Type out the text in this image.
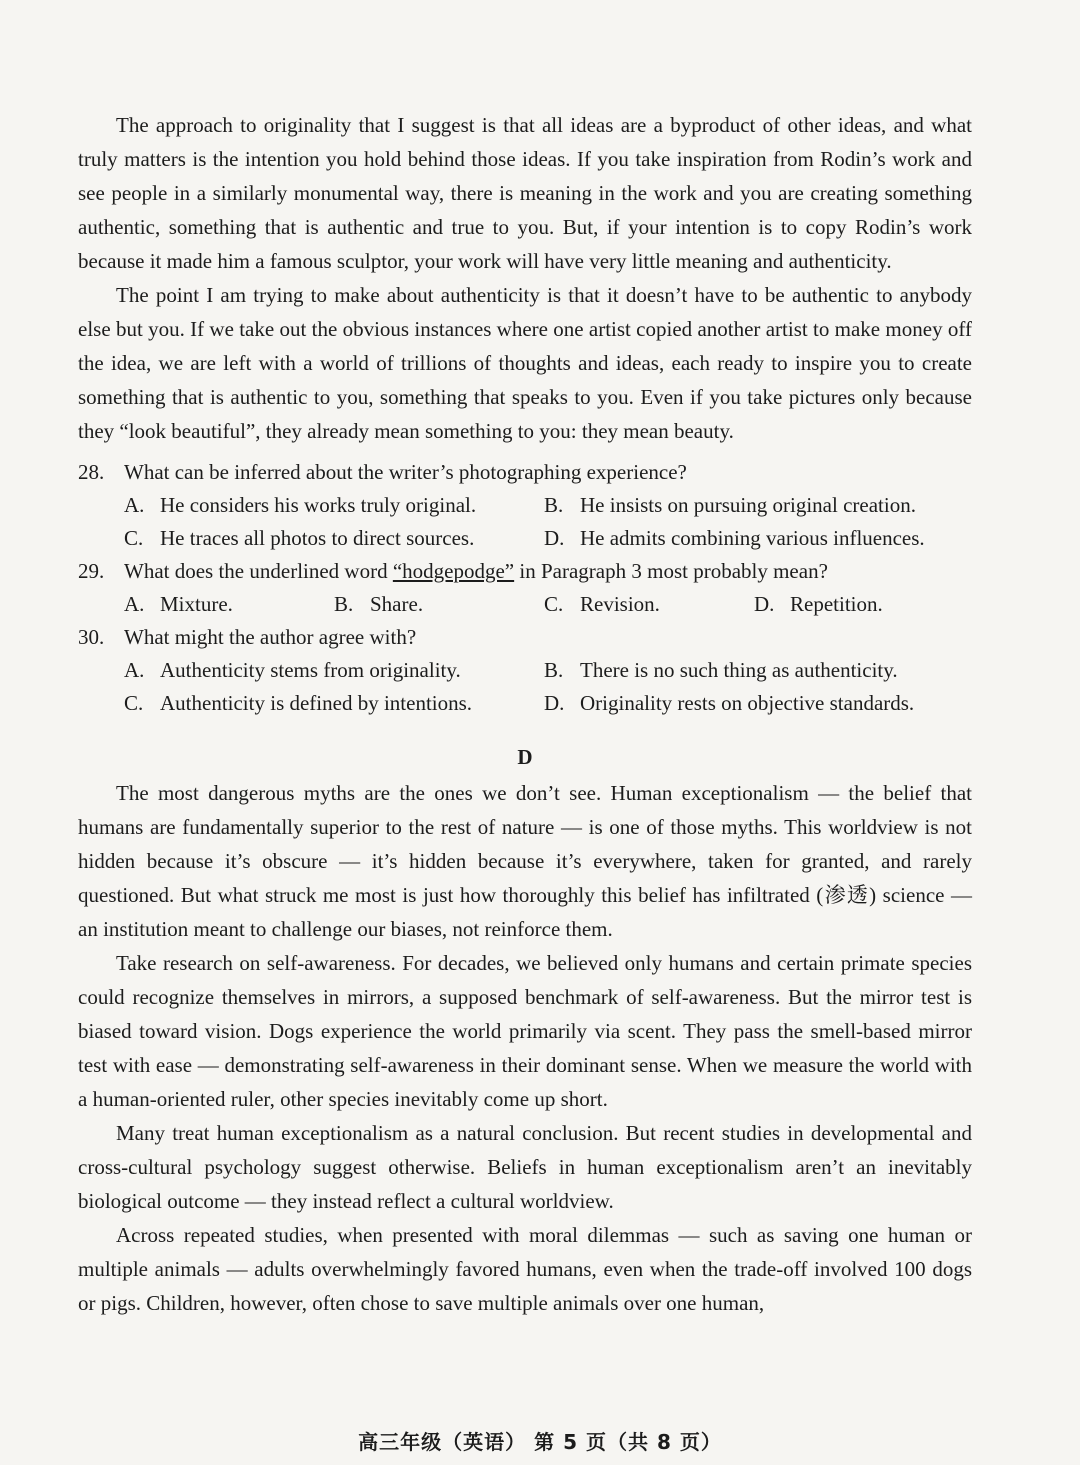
The approach to originality that I suggest is that all ideas are a byproduct of other ideas, and what truly matters is the intention you hold behind those ideas. If you take inspiration from Rodin’s work and see people in a similarly monumental way, there is meaning in the work and you are creating something authentic, something that is authentic and true to you. But, if your intention is to copy Rodin’s work because it made him a famous sculptor, your work will have very little meaning and authenticity.

The point I am trying to make about authenticity is that it doesn’t have to be authentic to anybody else but you. If we take out the obvious instances where one artist copied another artist to make money off the idea, we are left with a world of trillions of thoughts and ideas, each ready to inspire you to create something that is authentic to you, something that speaks to you. Even if you take pictures only because they “look beautiful”, they already mean something to you: they mean beauty.

28. What can be inferred about the writer’s photographing experience?
A. He considers his works truly original.	B. He insists on pursuing original creation.
C. He traces all photos to direct sources.	D. He admits combining various influences.
29. What does the underlined word “hodgepodge” in Paragraph 3 most probably mean?
A. Mixture.	B. Share.	C. Revision.	D. Repetition.
30. What might the author agree with?
A. Authenticity stems from originality.	B. There is no such thing as authenticity.
C. Authenticity is defined by intentions.	D. Originality rests on objective standards.
D

The most dangerous myths are the ones we don’t see. Human exceptionalism — the belief that humans are fundamentally superior to the rest of nature — is one of those myths. This worldview is not hidden because it’s obscure — it’s hidden because it’s everywhere, taken for granted, and rarely questioned. But what struck me most is just how thoroughly this belief has infiltrated (渗透) science — an institution meant to challenge our biases, not reinforce them.

Take research on self-awareness. For decades, we believed only humans and certain primate species could recognize themselves in mirrors, a supposed benchmark of self-awareness. But the mirror test is biased toward vision. Dogs experience the world primarily via scent. They pass the smell-based mirror test with ease — demonstrating self-awareness in their dominant sense. When we measure the world with a human-oriented ruler, other species inevitably come up short.

Many treat human exceptionalism as a natural conclusion. But recent studies in developmental and cross-cultural psychology suggest otherwise. Beliefs in human exceptionalism aren’t an inevitably biological outcome — they instead reflect a cultural worldview.

Across repeated studies, when presented with moral dilemmas — such as saving one human or multiple animals — adults overwhelmingly favored humans, even when the trade-off involved 100 dogs or pigs. Children, however, often chose to save multiple animals over one human,

高三年级（英语） 第 5 页（共 8 页）
